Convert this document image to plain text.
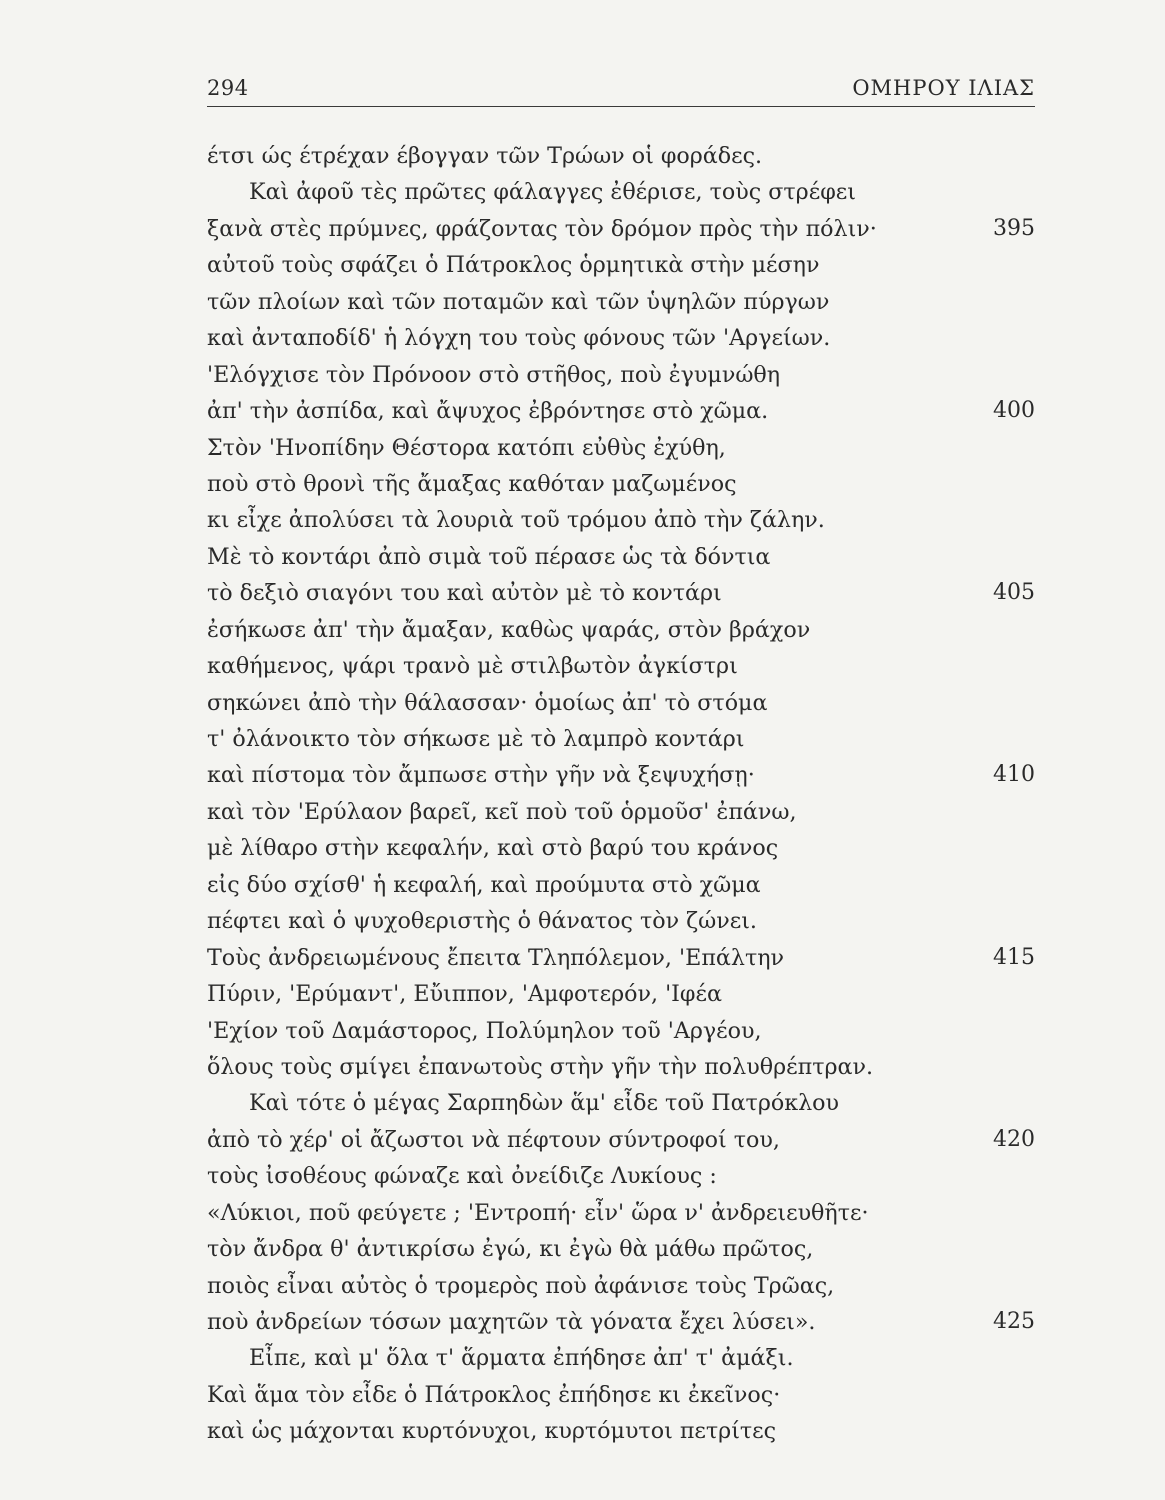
294	ΟΜΗΡΟΥ ΙΛΙΑΣ
έτσι ώς έτρέχαν έβογγαν τῶν Τρώων οἱ φοράδες.
Καὶ ἀφοῦ τὲς πρῶτες φάλαγγες ἐθέρισε, τοὺς στρέφει
ξανὰ στὲς πρύμνες, φράζοντας τὸν δρόμον πρὸς τὴν πόλιν·	395
αὐτοῦ τοὺς σφάζει ὁ Πάτροκλος ὁρμητικὰ στὴν μέσην
τῶν πλοίων καὶ τῶν ποταμῶν καὶ τῶν ὑψηλῶν πύργων
καὶ ἀνταποδίδ' ἡ λόγχη του τοὺς φόνους τῶν 'Αργείων.
'Ελόγχισε τὸν Πρόνοον στὸ στῆθος, ποὺ ἐγυμνώθη
ἀπ' τὴν ἀσπίδα, καὶ ἄψυχος ἐβρόντησε στὸ χῶμα.	400
Στὸν 'Ηνοπίδην Θέστορα κατόπι εὐθὺς ἐχύθη,
ποὺ στὸ θρονὶ τῆς ἄμαξας καθόταν μαζωμένος
κι εἶχε ἀπολύσει τὰ λουριὰ τοῦ τρόμου ἀπὸ τὴν ζάλην.
Μὲ τὸ κοντάρι ἀπὸ σιμὰ τοῦ πέρασε ὡς τὰ δόντια
τὸ δεξιὸ σιαγόνι του καὶ αὐτὸν μὲ τὸ κοντάρι	405
ἐσήκωσε ἀπ' τὴν ἄμαξαν, καθὼς ψαράς, στὸν βράχον
καθήμενος, ψάρι τρανὸ μὲ στιλβωτὸν ἀγκίστρι
σηκώνει ἀπὸ τὴν θάλασσαν· ὁμοίως ἀπ' τὸ στόμα
τ' ὀλάνοικτο τὸν σήκωσε μὲ τὸ λαμπρὸ κοντάρι
καὶ πίστομα τὸν ἄμπωσε στὴν γῆν νὰ ξεψυχήσῃ·	410
καὶ τὸν 'Ερύλαον βαρεῖ, κεῖ ποὺ τοῦ ὁρμοῦσ' ἐπάνω,
μὲ λίθαρο στὴν κεφαλήν, καὶ στὸ βαρύ του κράνος
εἰς δύο σχίσθ' ἡ κεφαλή, καὶ προύμυτα στὸ χῶμα
πέφτει καὶ ὁ ψυχοθεριστὴς ὁ θάνατος τὸν ζώνει.
Τοὺς ἀνδρειωμένους ἔπειτα Τληπόλεμον, 'Επάλτην	415
Πύριν, 'Ερύμαντ', Εὔιππον, 'Αμφοτερόν, 'Ιφέα
'Εχίον τοῦ Δαμάστορος, Πολύμηλον τοῦ 'Αργέου,
ὅλους τοὺς σμίγει ἐπανωτοὺς στὴν γῆν τὴν πολυθρέπτραν.
Καὶ τότε ὁ μέγας Σαρπηδὼν ἅμ' εἶδε τοῦ Πατρόκλου
ἀπὸ τὸ χέρ' οἱ ἄζωστοι νὰ πέφτουν σύντροφοί του,	420
τοὺς ἰσοθέους φώναζε καὶ ὀνείδιζε Λυκίους :
«Λύκιοι, ποῦ φεύγετε ; 'Εντροπή· εἶν' ὥρα ν' ἀνδρειευθῆτε·
τὸν ἄνδρα θ' ἀντικρίσω ἐγώ, κι ἐγὼ θὰ μάθω πρῶτος,
ποιὸς εἶναι αὐτὸς ὁ τρομερὸς ποὺ ἀφάνισε τοὺς Τρῶας,
ποὺ ἀνδρείων τόσων μαχητῶν τὰ γόνατα ἔχει λύσει».	425
Εἶπε, καὶ μ' ὅλα τ' ἅρματα ἐπήδησε ἀπ' τ' ἀμάξι.
Καὶ ἅμα τὸν εἶδε ὁ Πάτροκλος ἐπήδησε κι ἐκεῖνος·
καὶ ὡς μάχονται κυρτόνυχοι, κυρτόμυτοι πετρίτες
